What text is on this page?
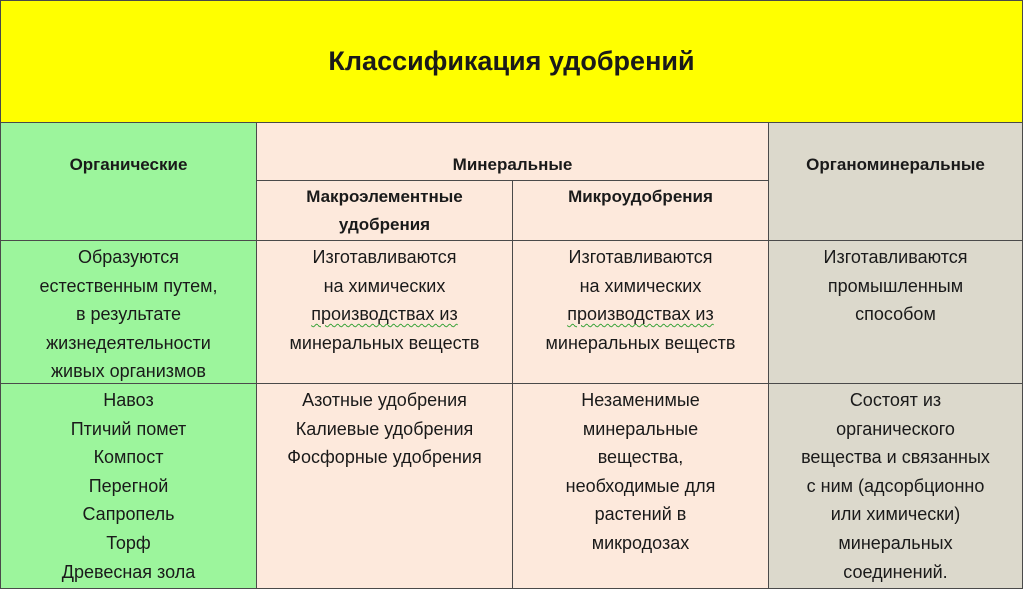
Классификация удобрений
Органические	Минеральные
Макроэлементные
удобрения
Микроудобрения
Органоминеральные
Образуются
естественным путем,
в результате
жизнедеятельности
живых организмов
Изготавливаются
на химических
производствах из
минеральных веществ
Изготавливаются
на химических
производствах из
минеральных веществ
Изготавливаются
промышленным
способом
Навоз
Птичий помет
Компост
Перегной
Сапропель
Торф
Древесная зола
Азотные удобрения
Калиевые удобрения
Фосфорные удобрения
Незаменимые
минеральные
вещества,
необходимые для
растений в
микродозах
Состоят из
органического
вещества и связанных
с ним (адсорбционно
или химически)
минеральных
соединений.
